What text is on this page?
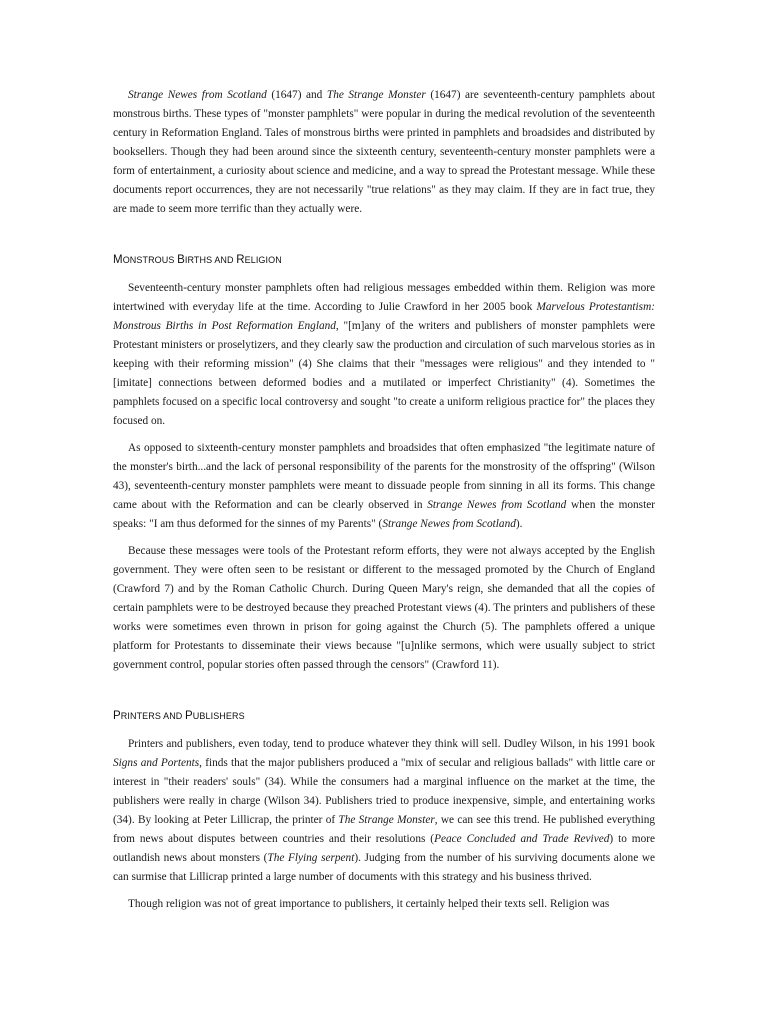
Strange Newes from Scotland (1647) and The Strange Monster (1647) are seventeenth-century pamphlets about monstrous births. These types of "monster pamphlets" were popular in during the medical revolution of the seventeenth century in Reformation England. Tales of monstrous births were printed in pamphlets and broadsides and distributed by booksellers. Though they had been around since the sixteenth century, seventeenth-century monster pamphlets were a form of entertainment, a curiosity about science and medicine, and a way to spread the Protestant message. While these documents report occurrences, they are not necessarily "true relations" as they may claim. If they are in fact true, they are made to seem more terrific than they actually were.

MONSTROUS BIRTHS AND RELIGION

Seventeenth-century monster pamphlets often had religious messages embedded within them. Religion was more intertwined with everyday life at the time. According to Julie Crawford in her 2005 book Marvelous Protestantism: Monstrous Births in Post Reformation England, "[m]any of the writers and publishers of monster pamphlets were Protestant ministers or proselytizers, and they clearly saw the production and circulation of such marvelous stories as in keeping with their reforming mission" (4) She claims that their "messages were religious" and they intended to "[imitate] connections between deformed bodies and a mutilated or imperfect Christianity" (4). Sometimes the pamphlets focused on a specific local controversy and sought "to create a uniform religious practice for" the places they focused on.

As opposed to sixteenth-century monster pamphlets and broadsides that often emphasized "the legitimate nature of the monster's birth...and the lack of personal responsibility of the parents for the monstrosity of the offspring" (Wilson 43), seventeenth-century monster pamphlets were meant to dissuade people from sinning in all its forms. This change came about with the Reformation and can be clearly observed in Strange Newes from Scotland when the monster speaks: "I am thus deformed for the sinnes of my Parents" (Strange Newes from Scotland).

Because these messages were tools of the Protestant reform efforts, they were not always accepted by the English government. They were often seen to be resistant or different to the messaged promoted by the Church of England (Crawford 7) and by the Roman Catholic Church. During Queen Mary's reign, she demanded that all the copies of certain pamphlets were to be destroyed because they preached Protestant views (4). The printers and publishers of these works were sometimes even thrown in prison for going against the Church (5). The pamphlets offered a unique platform for Protestants to disseminate their views because "[u]nlike sermons, which were usually subject to strict government control, popular stories often passed through the censors" (Crawford 11).

PRINTERS AND PUBLISHERS

Printers and publishers, even today, tend to produce whatever they think will sell. Dudley Wilson, in his 1991 book Signs and Portents, finds that the major publishers produced a "mix of secular and religious ballads" with little care or interest in "their readers' souls" (34). While the consumers had a marginal influence on the market at the time, the publishers were really in charge (Wilson 34). Publishers tried to produce inexpensive, simple, and entertaining works (34). By looking at Peter Lillicrap, the printer of The Strange Monster, we can see this trend. He published everything from news about disputes between countries and their resolutions (Peace Concluded and Trade Revived) to more outlandish news about monsters (The Flying serpent). Judging from the number of his surviving documents alone we can surmise that Lillicrap printed a large number of documents with this strategy and his business thrived.

Though religion was not of great importance to publishers, it certainly helped their texts sell. Religion was
